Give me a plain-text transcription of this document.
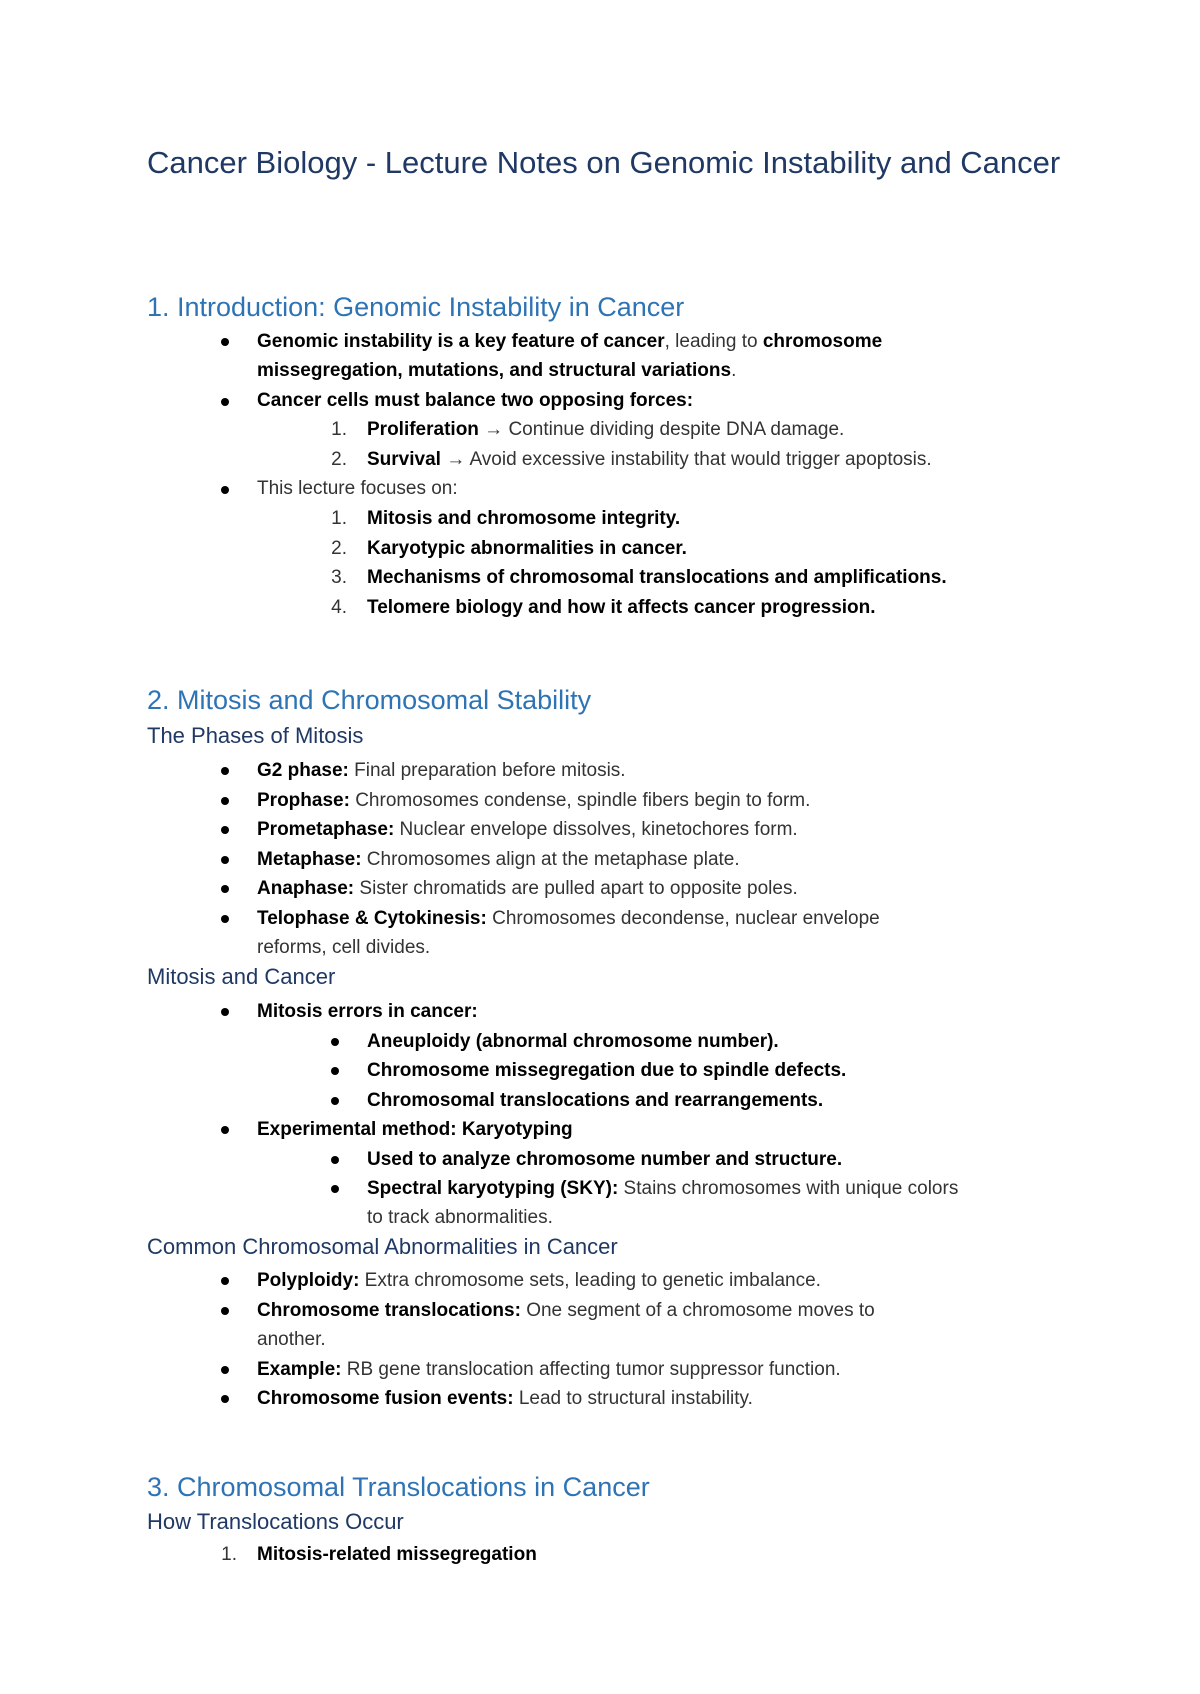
Cancer Biology - Lecture Notes on Genomic Instability and Cancer
1. Introduction: Genomic Instability in Cancer
Genomic instability is a key feature of cancer, leading to chromosome
missegregation, mutations, and structural variations.
Cancer cells must balance two opposing forces:
1. Proliferation → Continue dividing despite DNA damage.
2. Survival → Avoid excessive instability that would trigger apoptosis.
This lecture focuses on:
1. Mitosis and chromosome integrity.
2. Karyotypic abnormalities in cancer.
3. Mechanisms of chromosomal translocations and amplifications.
4. Telomere biology and how it affects cancer progression.
2. Mitosis and Chromosomal Stability
The Phases of Mitosis
G2 phase: Final preparation before mitosis.
Prophase: Chromosomes condense, spindle fibers begin to form.
Prometaphase: Nuclear envelope dissolves, kinetochores form.
Metaphase: Chromosomes align at the metaphase plate.
Anaphase: Sister chromatids are pulled apart to opposite poles.
Telophase & Cytokinesis: Chromosomes decondense, nuclear envelope
reforms, cell divides.
Mitosis and Cancer
Mitosis errors in cancer:
Aneuploidy (abnormal chromosome number).
Chromosome missegregation due to spindle defects.
Chromosomal translocations and rearrangements.
Experimental method: Karyotyping
Used to analyze chromosome number and structure.
Spectral karyotyping (SKY): Stains chromosomes with unique colors
to track abnormalities.
Common Chromosomal Abnormalities in Cancer
Polyploidy: Extra chromosome sets, leading to genetic imbalance.
Chromosome translocations: One segment of a chromosome moves to
another.
Example: RB gene translocation affecting tumor suppressor function.
Chromosome fusion events: Lead to structural instability.
3. Chromosomal Translocations in Cancer
How Translocations Occur
1. Mitosis-related missegregation
